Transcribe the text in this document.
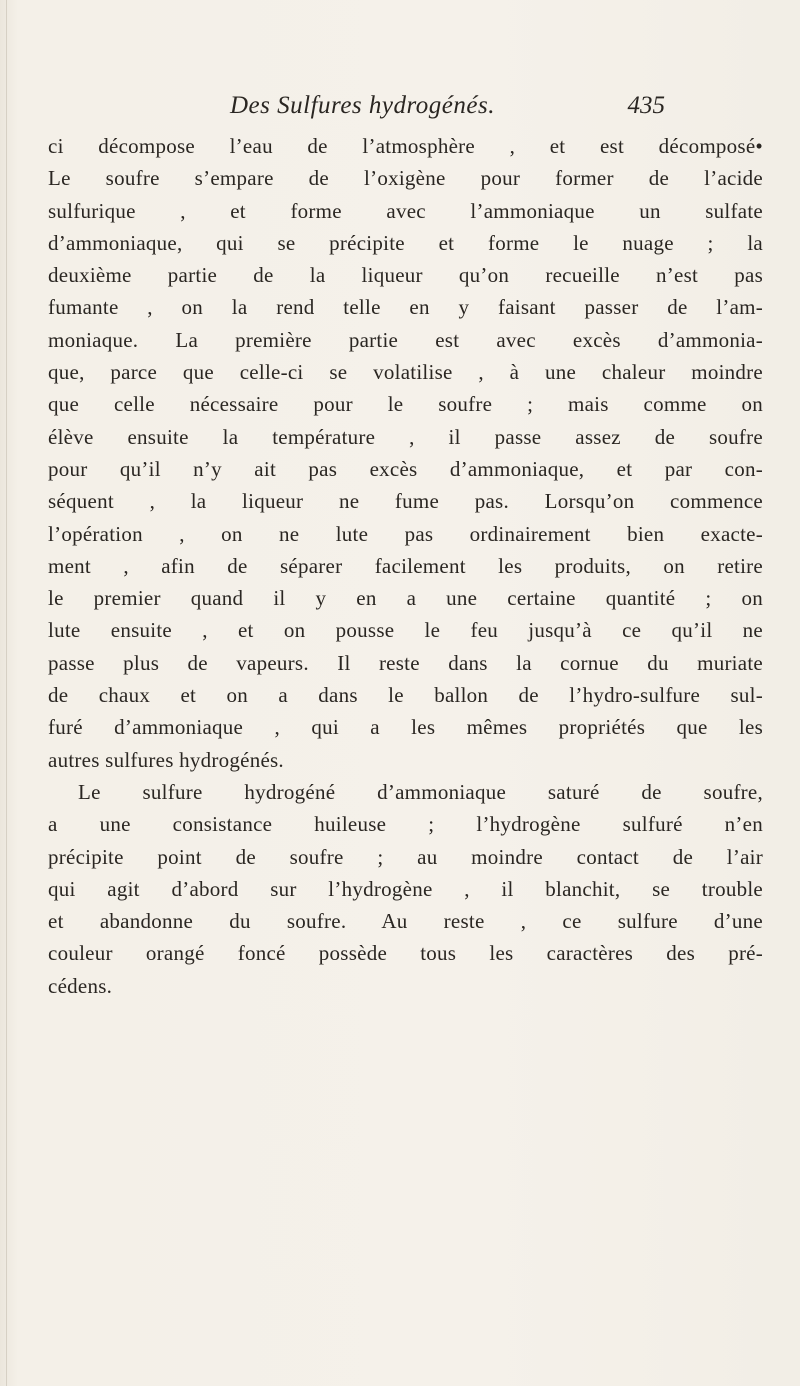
Des Sulfures hydrogénés.	435
ci décompose l’eau de l’atmosphère , et est décomposé•
Le soufre s’empare de l’oxigène pour former de l’acide
sulfurique , et forme avec l’ammoniaque un sulfate
d’ammoniaque, qui se précipite et forme le nuage ; la
deuxième partie de la liqueur qu’on recueille n’est pas
fumante , on la rend telle en y faisant passer de l’am-
moniaque. La première partie est avec excès d’ammonia-
que, parce que celle-ci se volatilise , à une chaleur moindre
que celle nécessaire pour le soufre ; mais comme on
élève ensuite la température , il passe assez de soufre
pour qu’il n’y ait pas excès d’ammoniaque, et par con-
séquent , la liqueur ne fume pas. Lorsqu’on commence
l’opération , on ne lute pas ordinairement bien exacte-
ment , afin de séparer facilement les produits, on retire
le premier quand il y en a une certaine quantité ; on
lute ensuite , et on pousse le feu jusqu’à ce qu’il ne
passe plus de vapeurs. Il reste dans la cornue du muriate
de chaux et on a dans le ballon de l’hydro-sulfure sul-
furé d’ammoniaque , qui a les mêmes propriétés que les
autres sulfures hydrogénés.
Le sulfure hydrogéné d’ammoniaque saturé de soufre,
a une consistance huileuse ; l’hydrogène sulfuré n’en
précipite point de soufre ; au moindre contact de l’air
qui agit d’abord sur l’hydrogène , il blanchit, se trouble
et abandonne du soufre. Au reste , ce sulfure d’une
couleur orangé foncé possède tous les caractères des pré-
cédens.
